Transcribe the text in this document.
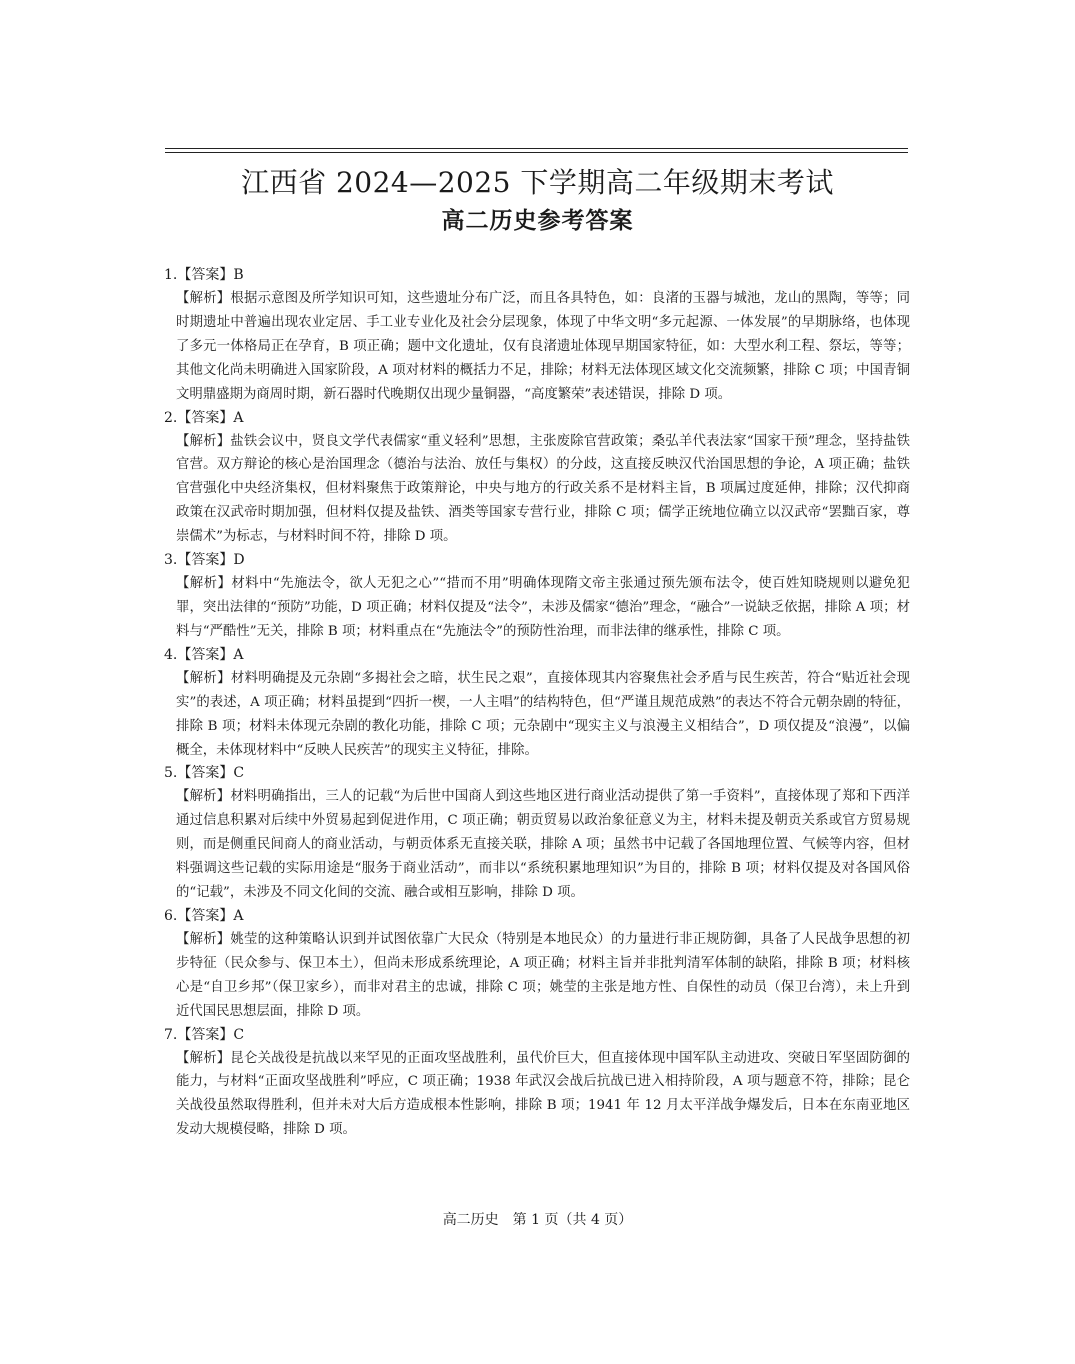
江西省 2024—2025 下学期高二年级期末考试
高二历史参考答案
1.【答案】B
【解析】根据示意图及所学知识可知，这些遗址分布广泛，而且各具特色，如：良渚的玉器与城池，龙山的黑陶，等等；同时期遗址中普遍出现农业定居、手工业专业化及社会分层现象，体现了中华文明“多元起源、一体发展”的早期脉络，也体现了多元一体格局正在孕育，B 项正确；题中文化遗址，仅有良渚遗址体现早期国家特征，如：大型水利工程、祭坛，等等；其他文化尚未明确进入国家阶段，A 项对材料的概括力不足，排除；材料无法体现区域文化交流频繁，排除 C 项；中国青铜文明鼎盛期为商周时期，新石器时代晚期仅出现少量铜器，“高度繁荣”表述错误，排除 D 项。
2.【答案】A
【解析】盐铁会议中，贤良文学代表儒家“重义轻利”思想，主张废除官营政策；桑弘羊代表法家“国家干预”理念，坚持盐铁官营。双方辩论的核心是治国理念（德治与法治、放任与集权）的分歧，这直接反映汉代治国思想的争论，A 项正确；盐铁官营强化中央经济集权，但材料聚焦于政策辩论，中央与地方的行政关系不是材料主旨，B 项属过度延伸，排除；汉代抑商政策在汉武帝时期加强，但材料仅提及盐铁、酒类等国家专营行业，排除 C 项；儒学正统地位确立以汉武帝“罢黜百家，尊崇儒术”为标志，与材料时间不符，排除 D 项。
3.【答案】D
【解析】材料中“先施法令，欲人无犯之心”“措而不用”明确体现隋文帝主张通过预先颁布法令，使百姓知晓规则以避免犯罪，突出法律的“预防”功能，D 项正确；材料仅提及“法令”，未涉及儒家“德治”理念，“融合”一说缺乏依据，排除 A 项；材料与“严酷性”无关，排除 B 项；材料重点在“先施法令”的预防性治理，而非法律的继承性，排除 C 项。
4.【答案】A
【解析】材料明确提及元杂剧“多揭社会之暗，状生民之艰”，直接体现其内容聚焦社会矛盾与民生疾苦，符合“贴近社会现实”的表述，A 项正确；材料虽提到“四折一楔，一人主唱”的结构特色，但“严谨且规范成熟”的表达不符合元朝杂剧的特征，排除 B 项；材料未体现元杂剧的教化功能，排除 C 项；元杂剧中“现实主义与浪漫主义相结合”，D 项仅提及“浪漫”，以偏概全，未体现材料中“反映人民疾苦”的现实主义特征，排除。
5.【答案】C
【解析】材料明确指出，三人的记载“为后世中国商人到这些地区进行商业活动提供了第一手资料”，直接体现了郑和下西洋通过信息积累对后续中外贸易起到促进作用，C 项正确；朝贡贸易以政治象征意义为主，材料未提及朝贡关系或官方贸易规则，而是侧重民间商人的商业活动，与朝贡体系无直接关联，排除 A 项；虽然书中记载了各国地理位置、气候等内容，但材料强调这些记载的实际用途是“服务于商业活动”，而非以“系统积累地理知识”为目的，排除 B 项；材料仅提及对各国风俗的“记载”，未涉及不同文化间的交流、融合或相互影响，排除 D 项。
6.【答案】A
【解析】姚莹的这种策略认识到并试图依靠广大民众（特别是本地民众）的力量进行非正规防御，具备了人民战争思想的初步特征（民众参与、保卫本土），但尚未形成系统理论，A 项正确；材料主旨并非批判清军体制的缺陷，排除 B 项；材料核心是“自卫乡邦”（保卫家乡），而非对君主的忠诚，排除 C 项；姚莹的主张是地方性、自保性的动员（保卫台湾），未上升到近代国民思想层面，排除 D 项。
7.【答案】C
【解析】昆仑关战役是抗战以来罕见的正面攻坚战胜利，虽代价巨大，但直接体现中国军队主动进攻、突破日军坚固防御的能力，与材料“正面攻坚战胜利”呼应，C 项正确；1938 年武汉会战后抗战已进入相持阶段，A 项与题意不符，排除；昆仑关战役虽然取得胜利，但并未对大后方造成根本性影响，排除 B 项；1941 年 12 月太平洋战争爆发后，日本在东南亚地区发动大规模侵略，排除 D 项。
高二历史　第 1 页（共 4 页）
